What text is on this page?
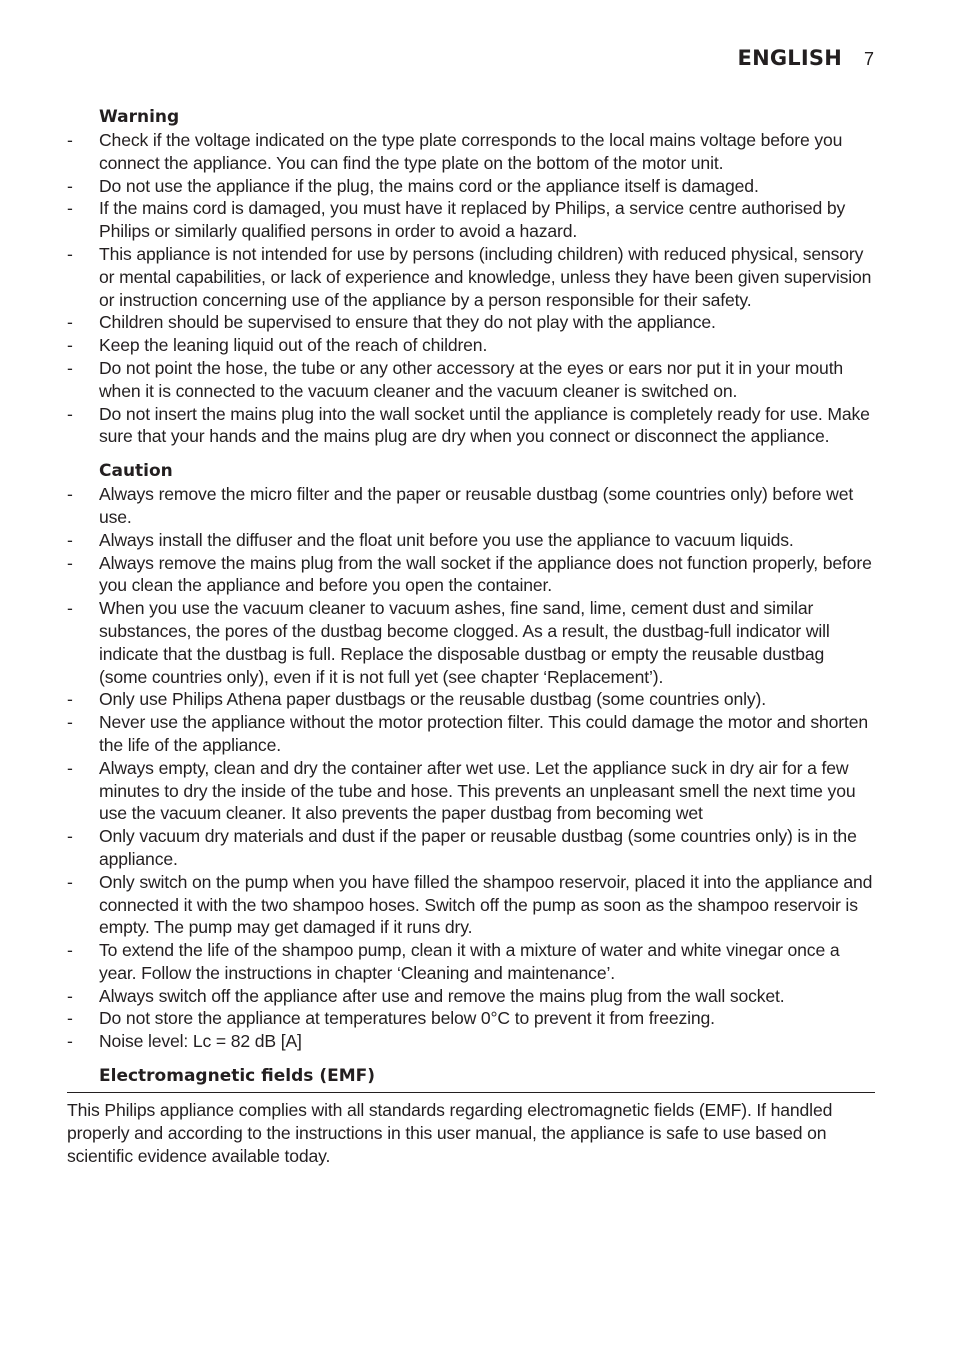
ENGLISH 7
Warning
- Check if the voltage indicated on the type plate corresponds to the local mains voltage before you connect the appliance. You can find the type plate on the bottom of the motor unit.
- Do not use the appliance if the plug, the mains cord or the appliance itself is damaged.
- If the mains cord is damaged, you must have it replaced by Philips, a service centre authorised by Philips or similarly qualified persons in order to avoid a hazard.
- This appliance is not intended for use by persons (including children) with reduced physical, sensory or mental capabilities, or lack of experience and knowledge, unless they have been given supervision or instruction concerning use of the appliance by a person responsible for their safety.
- Children should be supervised to ensure that they do not play with the appliance.
- Keep the leaning liquid out of the reach of children.
- Do not point the hose, the tube or any other accessory at the eyes or ears nor put it in your mouth when it is connected to the vacuum cleaner and the vacuum cleaner is switched on.
- Do not insert the mains plug into the wall socket until the appliance is completely ready for use. Make sure that your hands and the mains plug are dry when you connect or disconnect the appliance.
Caution
- Always remove the micro filter and the paper or reusable dustbag (some countries only) before wet use.
- Always install the diffuser and the float unit before you use the appliance to vacuum liquids.
- Always remove the mains plug from the wall socket if the appliance does not function properly, before you clean the appliance and before you open the container.
- When you use the vacuum cleaner to vacuum ashes, fine sand, lime, cement dust and similar substances, the pores of the dustbag become clogged. As a result, the dustbag-full indicator will indicate that the dustbag is full. Replace the disposable dustbag or empty the reusable dustbag (some countries only), even if it is not full yet (see chapter ‘Replacement’).
- Only use Philips Athena paper dustbags or the reusable dustbag (some countries only).
- Never use the appliance without the motor protection filter. This could damage the motor and shorten the life of the appliance.
- Always empty, clean and dry the container after wet use. Let the appliance suck in dry air for a few minutes to dry the inside of the tube and hose. This prevents an unpleasant smell the next time you use the vacuum cleaner. It also prevents the paper dustbag from becoming wet
- Only vacuum dry materials and dust if the paper or reusable dustbag (some countries only) is in the appliance.
- Only switch on the pump when you have filled the shampoo reservoir, placed it into the appliance and connected it with the two shampoo hoses. Switch off the pump as soon as the shampoo reservoir is empty. The pump may get damaged if it runs dry.
- To extend the life of the shampoo pump, clean it with a mixture of water and white vinegar once a year. Follow the instructions in chapter ‘Cleaning and maintenance’.
- Always switch off the appliance after use and remove the mains plug from the wall socket.
- Do not store the appliance at temperatures below 0°C to prevent it from freezing.
- Noise level: Lc = 82 dB [A]
Electromagnetic fields (EMF)

This Philips appliance complies with all standards regarding electromagnetic fields (EMF). If handled properly and according to the instructions in this user manual, the appliance is safe to use based on scientific evidence available today.
